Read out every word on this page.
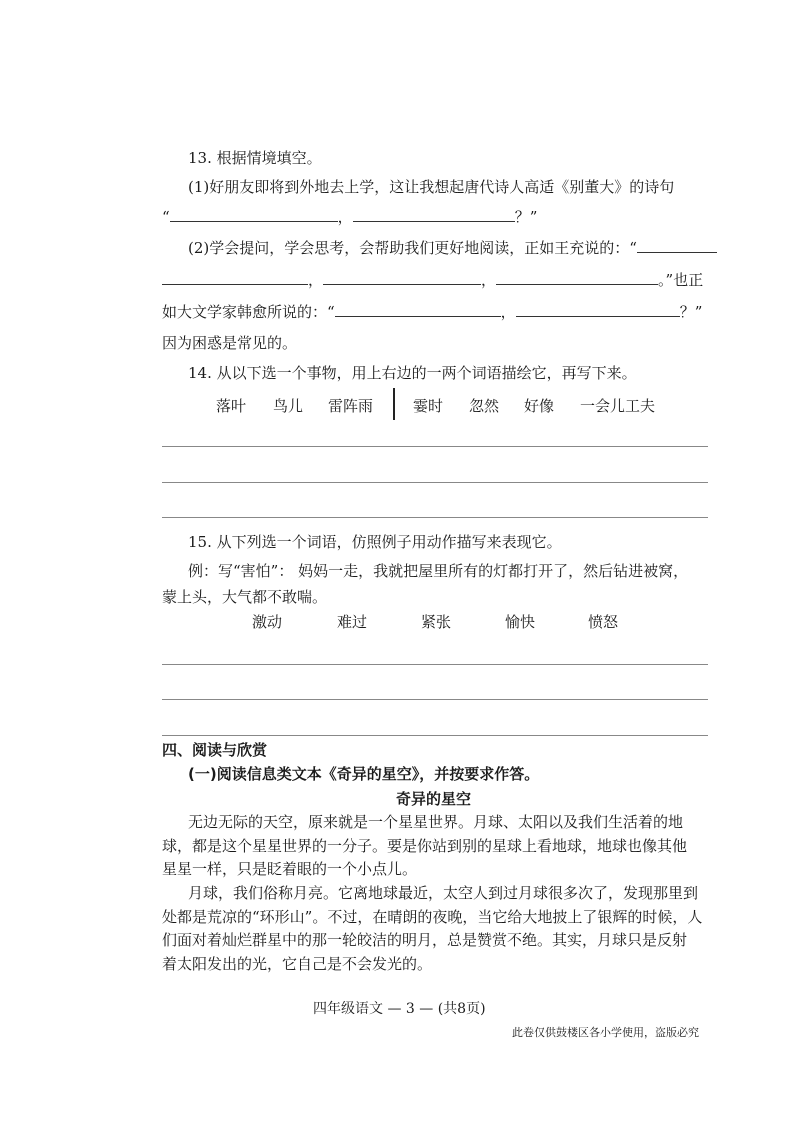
13. 根据情境填空。
(1)好朋友即将到外地去上学，这让我想起唐代诗人高适《别董大》的诗句
“	，	？”
(2)学会提问，学会思考，会帮助我们更好地阅读，正如王充说的：“
，	，	。”也正
如大文学家韩愈所说的：“	，	？”
因为困惑是常见的。
14. 从以下选一个事物，用上右边的一两个词语描绘它，再写下来。
落叶 鸟儿 雷阵雨	霎时 忽然 好像 一会儿工夫
15. 从下列选一个词语，仿照例子用动作描写来表现它。
例：写“害怕”： 妈妈一走，我就把屋里所有的灯都打开了，然后钻进被窝，
蒙上头，大气都不敢喘。
激动	难过	紧张	愉快	愤怒
四、阅读与欣赏
(一)阅读信息类文本《奇异的星空》，并按要求作答。
奇异的星空
无边无际的天空，原来就是一个星星世界。月球、太阳以及我们生活着的地
球，都是这个星星世界的一分子。要是你站到别的星球上看地球，地球也像其他
星星一样，只是眨着眼的一个小点儿。
月球，我们俗称月亮。它离地球最近，太空人到过月球很多次了，发现那里到
处都是荒凉的“环形山”。不过，在晴朗的夜晚，当它给大地披上了银辉的时候，人
们面对着灿烂群星中的那一轮皎洁的明月，总是赞赏不绝。其实，月球只是反射
着太阳发出的光，它自己是不会发光的。
四年级语文 — 3 — (共8页)
此卷仅供鼓楼区各小学使用，盗版必究
